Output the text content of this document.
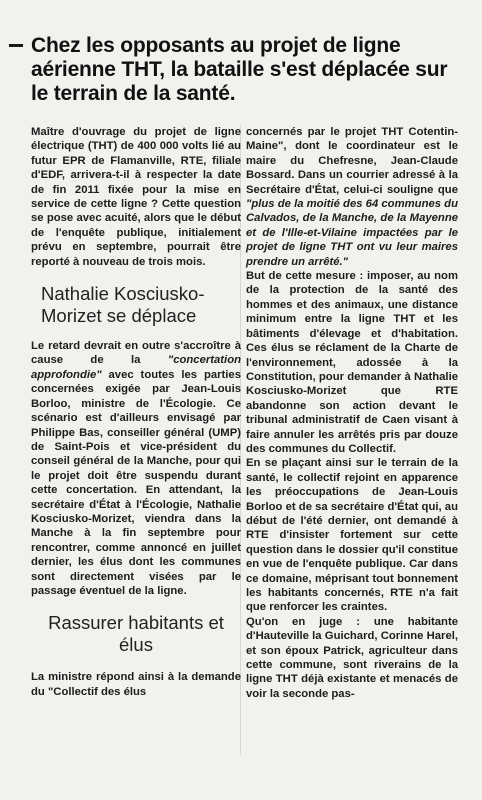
Chez les opposants au projet de ligne aérienne THT, la bataille s'est déplacée sur le terrain de la santé.

Maître d'ouvrage du projet de ligne électrique (THT) de 400 000 volts lié au futur EPR de Flamanville, RTE, filiale d'EDF, arrivera-t-il à respecter la date de fin 2011 fixée pour la mise en service de cette ligne ? Cette question se pose avec acuité, alors que le début de l'enquête publique, initialement prévu en septembre, pourrait être reporté à nouveau de trois mois.

Nathalie Kosciusko-Morizet se déplace

Le retard devrait en outre s'accroître à cause de la "concertation approfondie" avec toutes les parties concernées exigée par Jean-Louis Borloo, ministre de l'Écologie. Ce scénario est d'ailleurs envisagé par Philippe Bas, conseiller général (UMP) de Saint-Pois et vice-président du conseil général de la Manche, pour qui le projet doit être suspendu durant cette concertation. En attendant, la secrétaire d'État à l'Écologie, Nathalie Kosciusko-Morizet, viendra dans la Manche à la fin septembre pour rencontrer, comme annoncé en juillet dernier, les élus dont les communes sont directement visées par le passage éventuel de la ligne.

Rassurer habitants et élus

La ministre répond ainsi à la demande du "Collectif des élus

concernés par le projet THT Cotentin-Maine", dont le coordinateur est le maire du Chefresne, Jean-Claude Bossard. Dans un courrier adressé à la Secrétaire d'État, celui-ci souligne que "plus de la moitié des 64 communes du Calvados, de la Manche, de la Mayenne et de l'Ille-et-Vilaine impactées par le projet de ligne THT ont vu leur maires prendre un arrêté."

But de cette mesure : imposer, au nom de la protection de la santé des hommes et des animaux, une distance minimum entre la ligne THT et les bâtiments d'élevage et d'habitation. Ces élus se réclament de la Charte de l'environnement, adossée à la Constitution, pour demander à Nathalie Kosciusko-Morizet que RTE abandonne son action devant le tribunal administratif de Caen visant à faire annuler les arrêtés pris par douze des communes du Collectif.

En se plaçant ainsi sur le terrain de la santé, le collectif rejoint en apparence les préoccupations de Jean-Louis Borloo et de sa secrétaire d'État qui, au début de l'été dernier, ont demandé à RTE d'insister fortement sur cette question dans le dossier qu'il constitue en vue de l'enquête publique. Car dans ce domaine, méprisant tout bonnement les habitants concernés, RTE n'a fait que renforcer les craintes.

Qu'on en juge : une habitante d'Hauteville la Guichard, Corinne Harel, et son époux Patrick, agriculteur dans cette commune, sont riverains de la ligne THT déjà existante et menacés de voir la seconde pas-
